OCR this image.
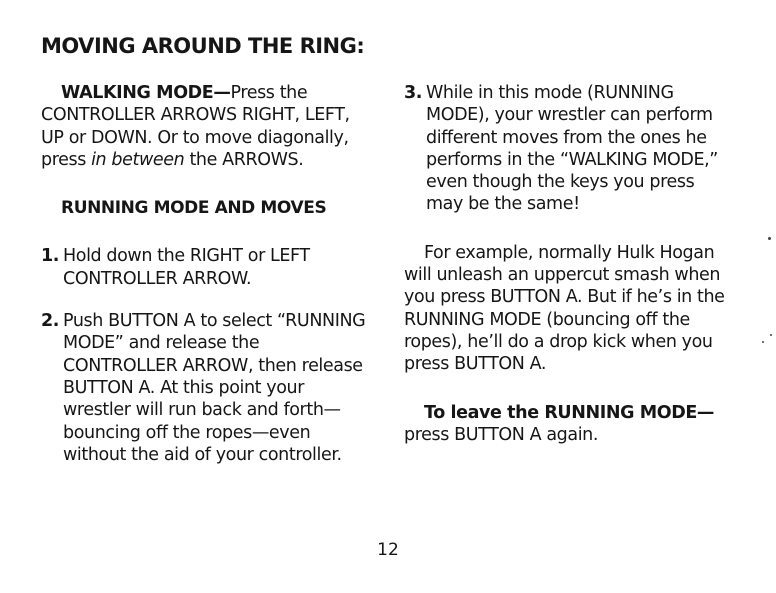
MOVING AROUND THE RING:

WALKING MODE—Press the CONTROLLER ARROWS RIGHT, LEFT, UP or DOWN. Or to move diagonally, press in between the ARROWS.

RUNNING MODE AND MOVES

1. Hold down the RIGHT or LEFT CONTROLLER ARROW.
2. Push BUTTON A to select “RUNNING MODE” and release the CONTROLLER ARROW, then release BUTTON A. At this point your wrestler will run back and forth—bouncing off the ropes—even without the aid of your controller.
3. While in this mode (RUNNING MODE), your wrestler can perform different moves from the ones he performs in the “WALKING MODE,” even though the keys you press may be the same!

For example, normally Hulk Hogan will unleash an uppercut smash when you press BUTTON A. But if he’s in the RUNNING MODE (bouncing off the ropes), he’ll do a drop kick when you press BUTTON A.

To leave the RUNNING MODE—press BUTTON A again.

12
